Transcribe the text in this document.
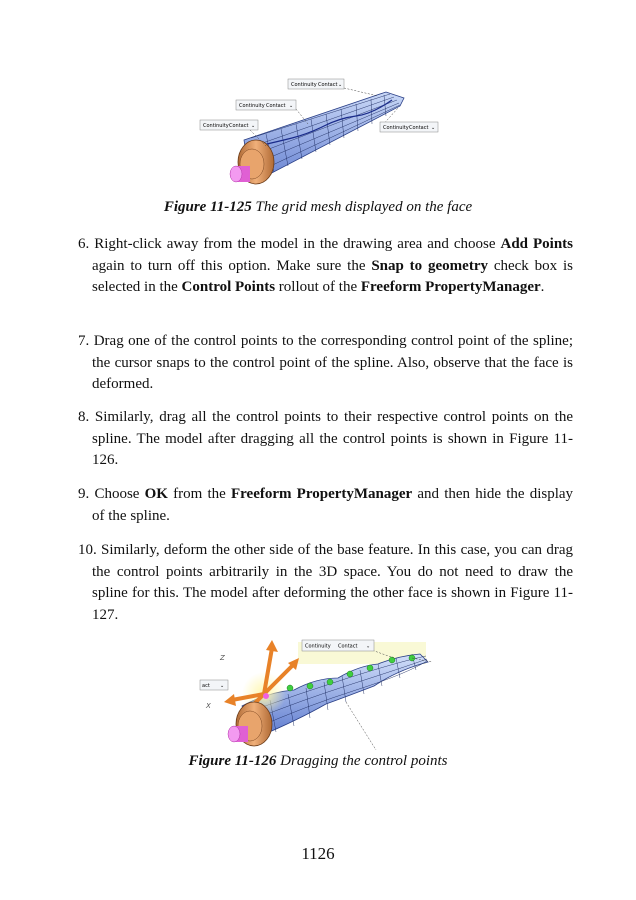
Continuity Contact ⌄
Continuity Contact ⌄
Continuity Contact ⌄	Continuity Contact ⌄
Figure 11-125 The grid mesh displayed on the face

6. Right-click away from the model in the drawing area and choose Add Points again to turn off this option. Make sure the Snap to geometry check box is selected in the Control Points rollout of the Freeform PropertyManager.

7. Drag one of the control points to the corresponding control point of the spline; the cursor snaps to the control point of the spline. Also, observe that the face is deformed.

8. Similarly, drag all the control points to their respective control points on the spline. The model after dragging all the control points is shown in Figure 11-126.

9. Choose OK from the Freeform PropertyManager and then hide the display of the spline.

10. Similarly, deform the other side of the base feature. In this case, you can drag the control points arbitrarily in the 3D space. You do not need to draw the spline for this. The model after deforming the other face is shown in Figure 11-127.

Z
X
Continuity Contact ⌄
act ⌄
Figure 11-126 Dragging the control points
1126
